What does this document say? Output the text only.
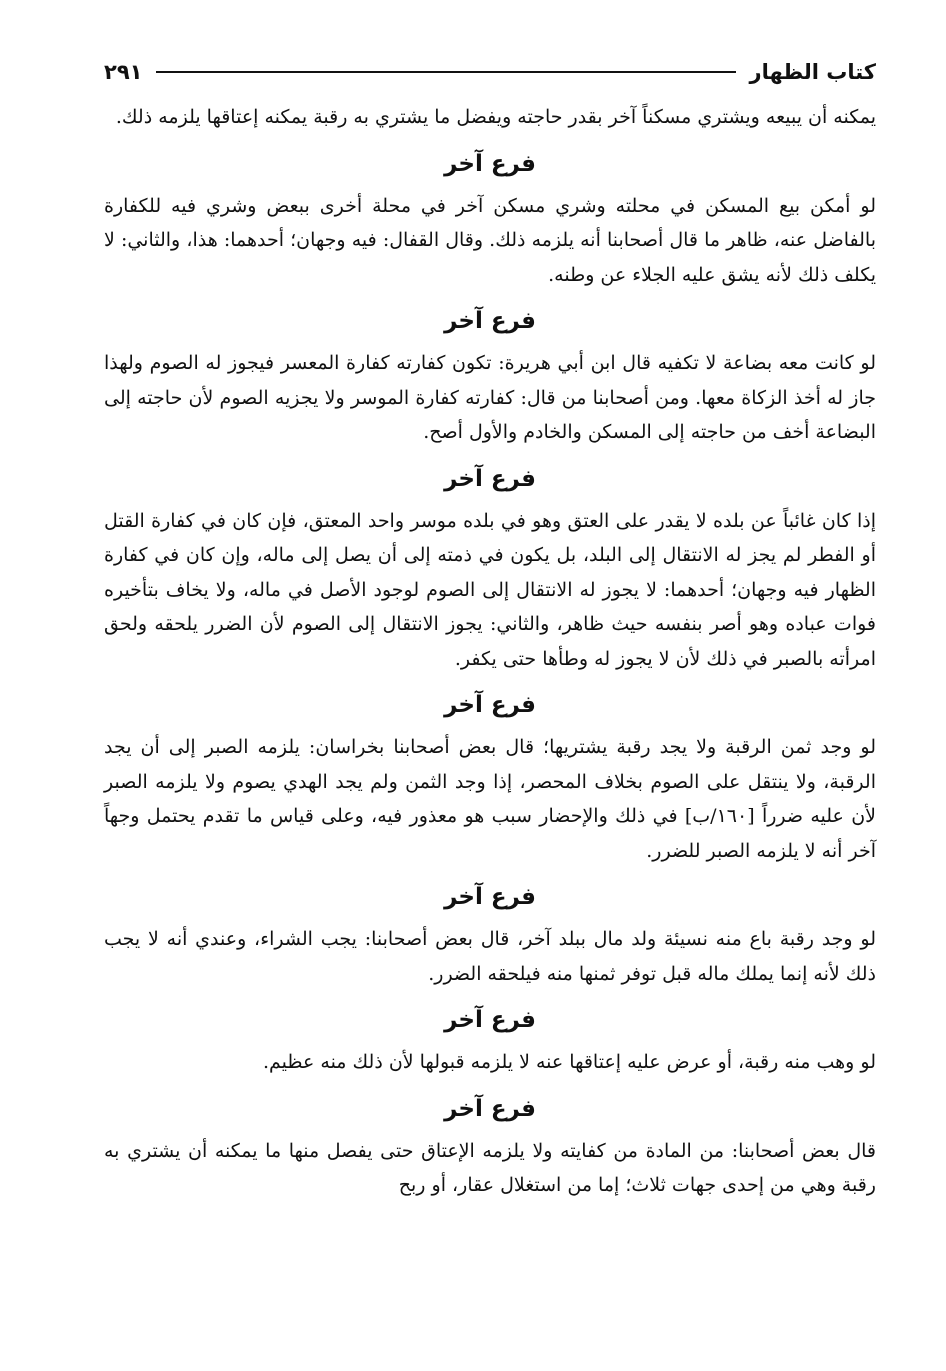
كتاب الظهار
٢٩١

يمكنه أن يبيعه ويشتري مسكناً آخر بقدر حاجته ويفضل ما يشتري به رقبة يمكنه إعتاقها يلزمه ذلك.

فرع آخر

لو أمكن بيع المسكن في محلته وشري مسكن آخر في محلة أخرى ببعض وشري فيه للكفارة بالفاضل عنه، ظاهر ما قال أصحابنا أنه يلزمه ذلك. وقال القفال: فيه وجهان؛ أحدهما: هذا، والثاني: لا يكلف ذلك لأنه يشق عليه الجلاء عن وطنه.

فرع آخر

لو كانت معه بضاعة لا تكفيه قال ابن أبي هريرة: تكون كفارته كفارة المعسر فيجوز له الصوم ولهذا جاز له أخذ الزكاة معها. ومن أصحابنا من قال: كفارته كفارة الموسر ولا يجزيه الصوم لأن حاجته إلى البضاعة أخف من حاجته إلى المسكن والخادم والأول أصح.

فرع آخر

إذا كان غائباً عن بلده لا يقدر على العتق وهو في بلده موسر واحد المعتق، فإن كان في كفارة القتل أو الفطر لم يجز له الانتقال إلى البلد، بل يكون في ذمته إلى أن يصل إلى ماله، وإن كان في كفارة الظهار فيه وجهان؛ أحدهما: لا يجوز له الانتقال إلى الصوم لوجود الأصل في ماله، ولا يخاف بتأخيره فوات عباده وهو أصر بنفسه حيث ظاهر، والثاني: يجوز الانتقال إلى الصوم لأن الضرر يلحقه ولحق امرأته بالصبر في ذلك لأن لا يجوز له وطأها حتى يكفر.

فرع آخر

لو وجد ثمن الرقبة ولا يجد رقبة يشتريها؛ قال بعض أصحابنا بخراسان: يلزمه الصبر إلى أن يجد الرقبة، ولا ينتقل على الصوم بخلاف المحصر، إذا وجد الثمن ولم يجد الهدي يصوم ولا يلزمه الصبر لأن عليه ضرراً [١٦٠/ب] في ذلك والإحضار سبب هو معذور فيه، وعلى قياس ما تقدم يحتمل وجهاً آخر أنه لا يلزمه الصبر للضرر.

فرع آخر

لو وجد رقبة باع منه نسيئة ولد مال ببلد آخر، قال بعض أصحابنا: يجب الشراء، وعندي أنه لا يجب ذلك لأنه إنما يملك ماله قبل توفر ثمنها منه فيلحقه الضرر.

فرع آخر

لو وهب منه رقبة، أو عرض عليه إعتاقها عنه لا يلزمه قبولها لأن ذلك منه عظيم.

فرع آخر

قال بعض أصحابنا: من المادة من كفايته ولا يلزمه الإعتاق حتى يفصل منها ما يمكنه أن يشتري به رقبة وهي من إحدى جهات ثلاث؛ إما من استغلال عقار، أو ربح
